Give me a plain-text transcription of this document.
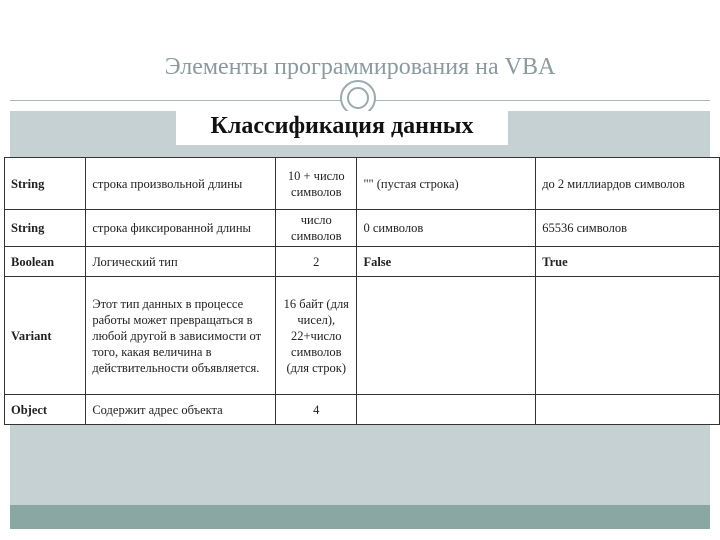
Элементы программирования на VBA
Классификация данных
String	строка произвольной длины	10 + число символов	"" (пустая строка)	до 2 миллиардов символов
String	строка фиксированной длины	число символов	0 символов	65536 символов
Boolean	Логический тип	2	False	True
Variant	Этот тип данных в процессе работы может превращаться в любой другой в зависимости от того, какая величина в действительности объявляется.	16 байт (для чисел), 22+число символов (для строк)		
Object	Содержит адрес объекта	4		
